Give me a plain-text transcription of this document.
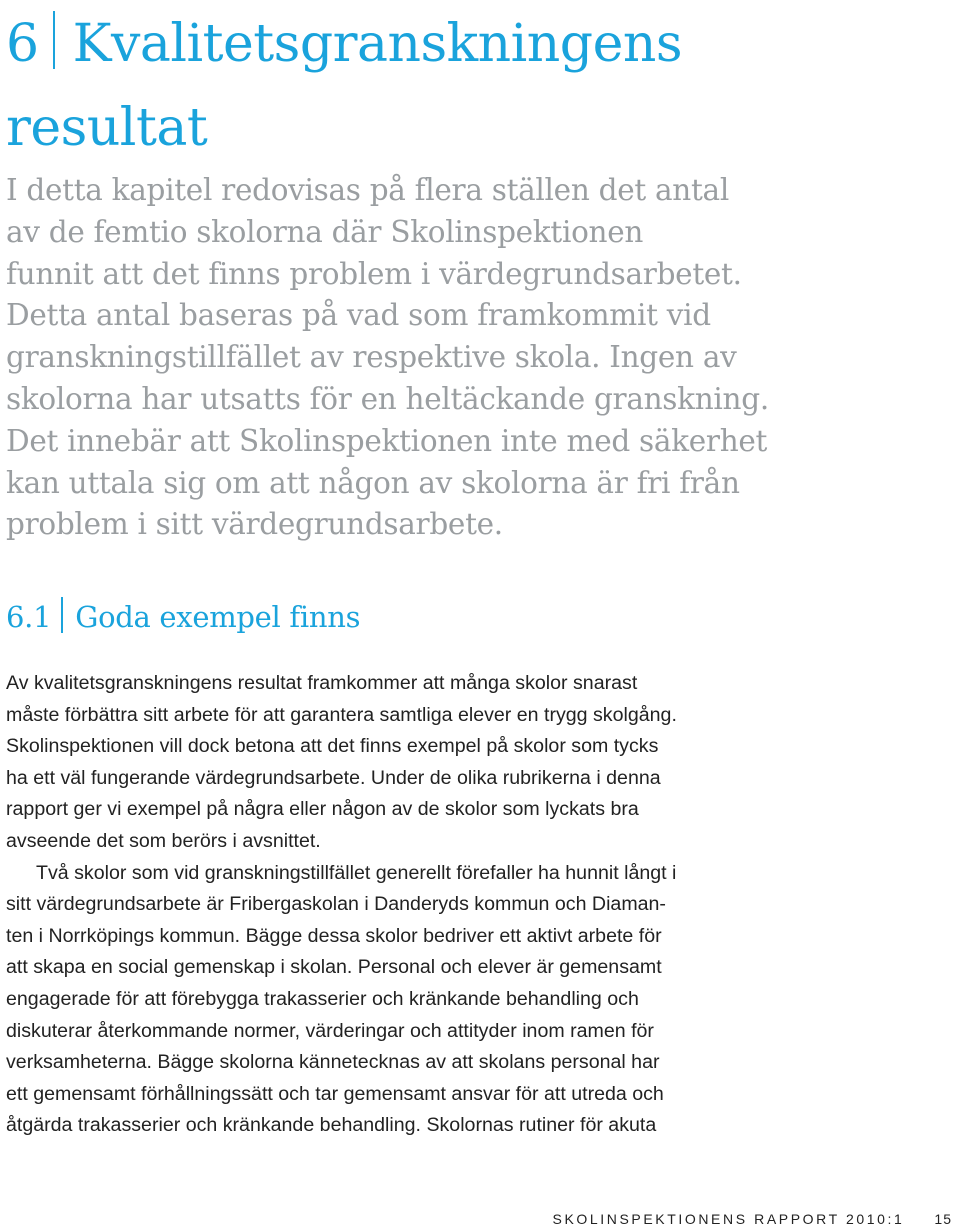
6 Kvalitetsgranskningens
resultat

I detta kapitel redovisas på flera ställen det antal
av de femtio skolorna där Skolinspektionen
funnit att det finns problem i värdegrundsarbetet.
Detta antal baseras på vad som framkommit vid
granskningstillfället av respektive skola. Ingen av
skolorna har utsatts för en heltäckande granskning.
Det innebär att Skolinspektionen inte med säkerhet
kan uttala sig om att någon av skolorna är fri från
problem i sitt värdegrundsarbete.

6.1 Goda exempel finns
Av kvalitetsgranskningens resultat framkommer att många skolor snarast
måste förbättra sitt arbete för att garantera samtliga elever en trygg skolgång.
Skolinspektionen vill dock betona att det finns exempel på skolor som tycks
ha ett väl fungerande värdegrundsarbete. Under de olika rubrikerna i denna
rapport ger vi exempel på några eller någon av de skolor som lyckats bra
avseende det som berörs i avsnittet.
Två skolor som vid granskningstillfället generellt förefaller ha hunnit långt i
sitt värdegrundsarbete är Fribergaskolan i Danderyds kommun och Diaman-
ten i Norrköpings kommun. Bägge dessa skolor bedriver ett aktivt arbete för
att skapa en social gemenskap i skolan. Personal och elever är gemensamt
engagerade för att förebygga trakasserier och kränkande behandling och
diskuterar återkommande normer, värderingar och attityder inom ramen för
verksamheterna. Bägge skolorna kännetecknas av att skolans personal har
ett gemensamt förhållningssätt och tar gemensamt ansvar för att utreda och
åtgärda trakasserier och kränkande behandling. Skolornas rutiner för akuta
SKOLINSPEKTIONENS RAPPORT 2010:1 15
